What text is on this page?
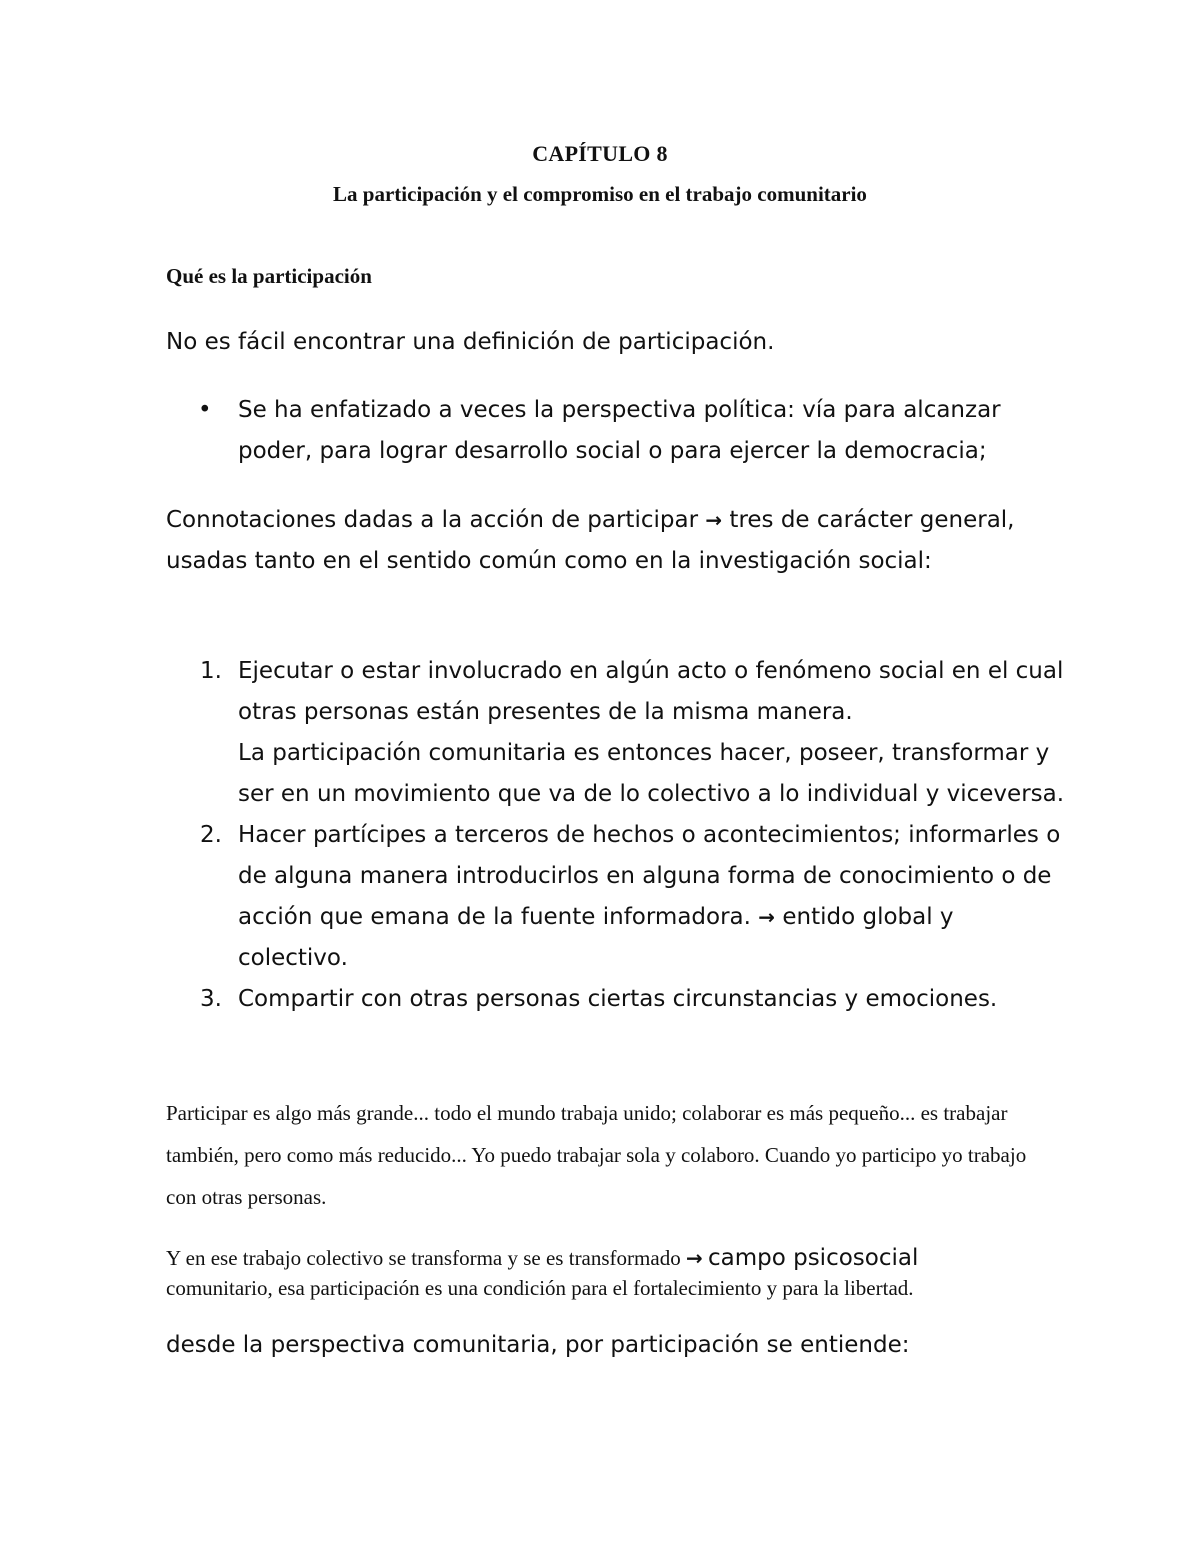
CAPÍTULO 8
La participación y el compromiso en el trabajo comunitario
Qué es la participación

No es fácil encontrar una definición de participación.

• Se ha enfatizado a veces la perspectiva política: vía para alcanzar poder, para lograr desarrollo social o para ejercer la democracia;

Connotaciones dadas a la acción de participar → tres de carácter general, usadas tanto en el sentido común como en la investigación social:

1. Ejecutar o estar involucrado en algún acto o fenómeno social en el cual otras personas están presentes de la misma manera.
La participación comunitaria es entonces hacer, poseer, transformar y ser en un movimiento que va de lo colectivo a lo individual y viceversa.
2. Hacer partícipes a terceros de hechos o acontecimientos; informarles o de alguna manera introducirlos en alguna forma de conocimiento o de acción que emana de la fuente informadora. → entido global y colectivo.
3. Compartir con otras personas ciertas circunstancias y emociones.

Participar es algo más grande... todo el mundo trabaja unido; colaborar es más pequeño... es trabajar también, pero como más reducido... Yo puedo trabajar sola y colaboro. Cuando yo participo yo trabajo con otras personas.

Y en ese trabajo colectivo se transforma y se es transformado → campo psicosocial
comunitario, esa participación es una condición para el fortalecimiento y para la libertad.

desde la perspectiva comunitaria, por participación se entiende:
